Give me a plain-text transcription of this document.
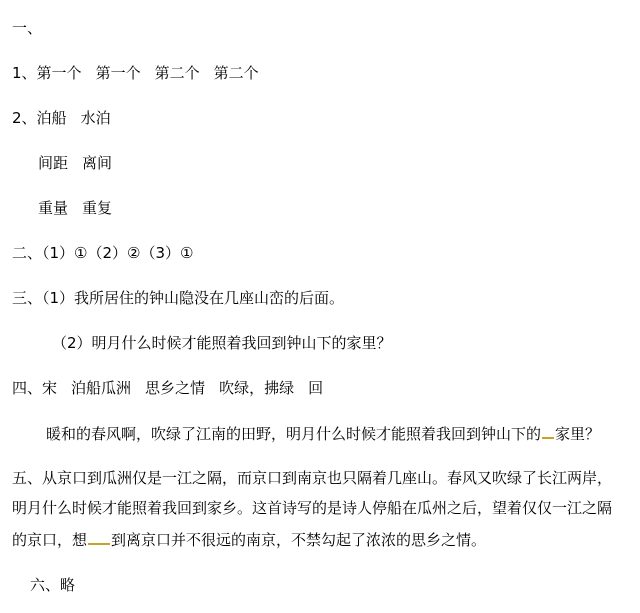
一、
1、第一个 第一个 第二个 第二个
2、泊船 水泊
间距 离间
重量 重复
二、（1）①（2）②（3）①
三、（1）我所居住的钟山隐没在几座山峦的后面。
（2）明月什么时候才能照着我回到钟山下的家里？
四、宋 泊船瓜洲 思乡之情 吹绿，拂绿 回
暖和的春风啊，吹绿了江南的田野，明月什么时候才能照着我回到钟山下的 家里？
五、从京口到瓜洲仅是一江之隔，而京口到南京也只隔着几座山。春风又吹绿了长江两岸，
明月什么时候才能照着我回到家乡。这首诗写的是诗人停船在瓜州之后，望着仅仅一江之隔
的京口，想 到离京口并不很远的南京，不禁勾起了浓浓的思乡之情。
六、略
